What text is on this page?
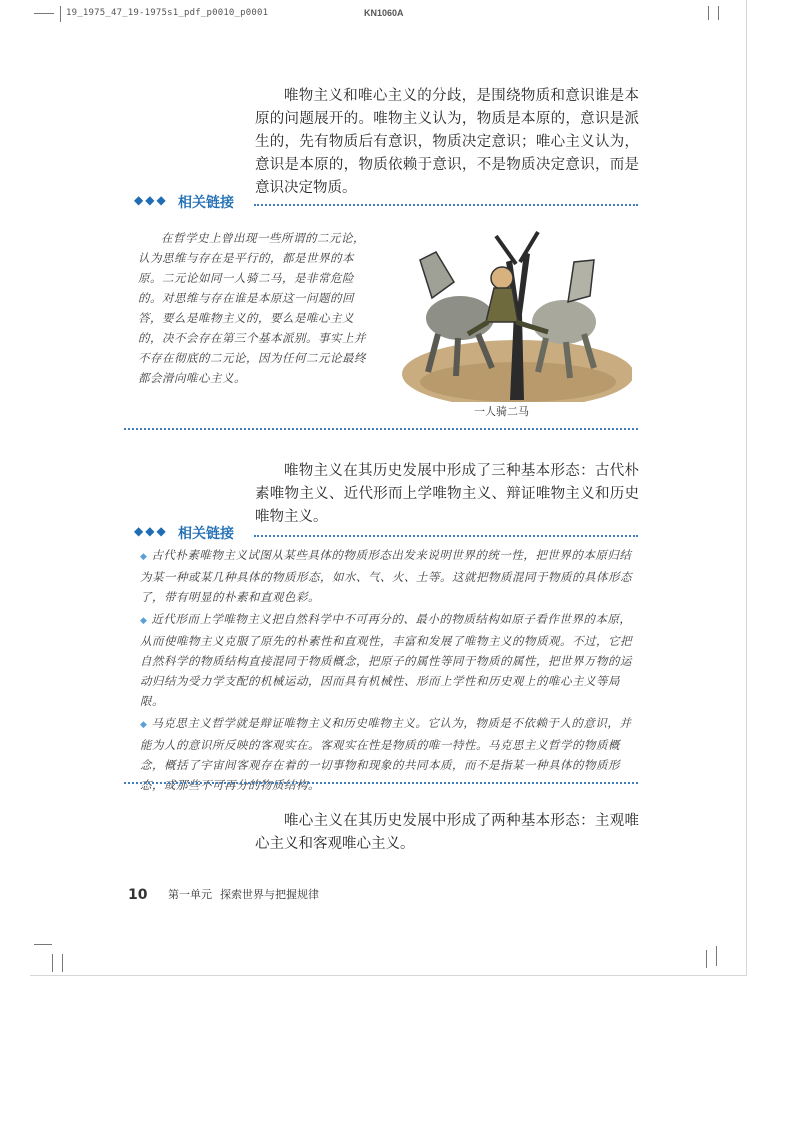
19_1975_47_19-1975s1_pdf_p0010_p0001	KN1060A
唯物主义和唯心主义的分歧，是围绕物质和意识谁是本原的问题展开的。唯物主义认为，物质是本原的，意识是派生的，先有物质后有意识，物质决定意识；唯心主义认为，意识是本原的，物质依赖于意识，不是物质决定意识，而是意识决定物质。
◆◆◆ 相关链接
在哲学史上曾出现一些所谓的二元论，认为思维与存在是平行的，都是世界的本原。二元论如同一人骑二马，是非常危险的。对思维与存在谁是本原这一问题的回答，要么是唯物主义的，要么是唯心主义的，决不会存在第三个基本派别。事实上并不存在彻底的二元论，因为任何二元论最终都会滑向唯心主义。
一人骑二马
唯物主义在其历史发展中形成了三种基本形态：古代朴素唯物主义、近代形而上学唯物主义、辩证唯物主义和历史唯物主义。
◆◆◆ 相关链接
◆ 古代朴素唯物主义试图从某些具体的物质形态出发来说明世界的统一性，把世界的本原归结为某一种或某几种具体的物质形态，如水、气、火、土等。这就把物质混同于物质的具体形态了，带有明显的朴素和直观色彩。
◆ 近代形而上学唯物主义把自然科学中不可再分的、最小的物质结构如原子看作世界的本原，从而使唯物主义克服了原先的朴素性和直观性，丰富和发展了唯物主义的物质观。不过，它把自然科学的物质结构直接混同于物质概念，把原子的属性等同于物质的属性，把世界万物的运动归结为受力学支配的机械运动，因而具有机械性、形而上学性和历史观上的唯心主义等局限。
◆ 马克思主义哲学就是辩证唯物主义和历史唯物主义。它认为，物质是不依赖于人的意识，并能为人的意识所反映的客观实在。客观实在性是物质的唯一特性。马克思主义哲学的物质概念，概括了宇宙间客观存在着的一切事物和现象的共同本质，而不是指某一种具体的物质形态，或那些不可再分的物质结构。
唯心主义在其历史发展中形成了两种基本形态：主观唯心主义和客观唯心主义。
10 第一单元 探索世界与把握规律
